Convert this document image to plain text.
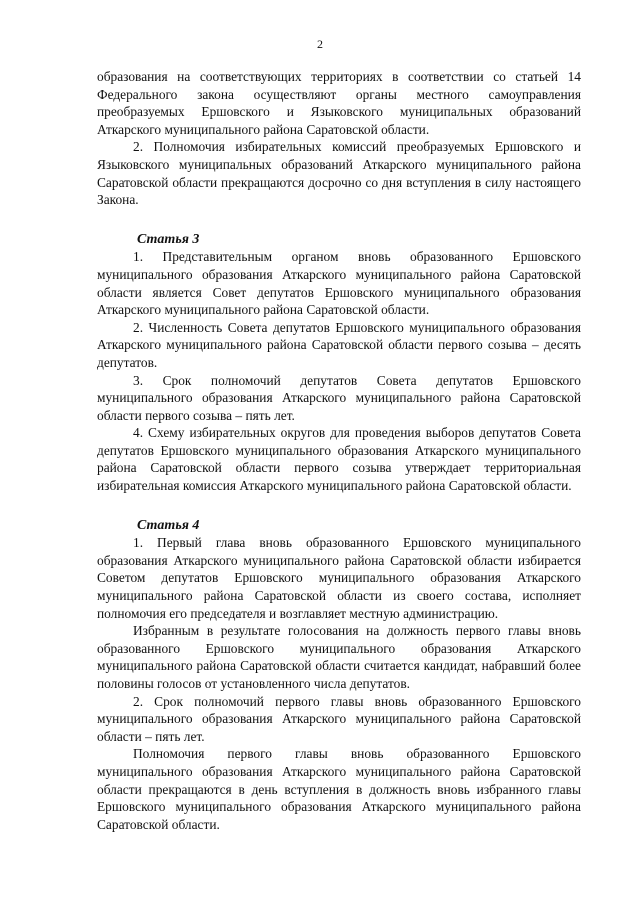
2

образования на соответствующих территориях в соответствии со статьей 14 Федерального закона осуществляют органы местного самоуправления преобразуемых Ершовского и Языковского муниципальных образований Аткарского муниципального района Саратовской области.

2. Полномочия избирательных комиссий преобразуемых Ершовского и Языковского муниципальных образований Аткарского муниципального района Саратовской области прекращаются досрочно со дня вступления в силу настоящего Закона.

Статья 3

1. Представительным органом вновь образованного Ершовского муниципального образования Аткарского муниципального района Саратовской области является Совет депутатов Ершовского муниципального образования Аткарского муниципального района Саратовской области.

2. Численность Совета депутатов Ершовского муниципального образования Аткарского муниципального района Саратовской области первого созыва – десять депутатов.

3. Срок полномочий депутатов Совета депутатов Ершовского муниципального образования Аткарского муниципального района Саратовской области первого созыва – пять лет.

4. Схему избирательных округов для проведения выборов депутатов Совета депутатов Ершовского муниципального образования Аткарского муниципального района Саратовской области первого созыва утверждает территориальная избирательная комиссия Аткарского муниципального района Саратовской области.

Статья 4

1. Первый глава вновь образованного Ершовского муниципального образования Аткарского муниципального района Саратовской области избирается Советом депутатов Ершовского муниципального образования Аткарского муниципального района Саратовской области из своего состава, исполняет полномочия его председателя и возглавляет местную администрацию.

Избранным в результате голосования на должность первого главы вновь образованного Ершовского муниципального образования Аткарского муниципального района Саратовской области считается кандидат, набравший более половины голосов от установленного числа депутатов.

2. Срок полномочий первого главы вновь образованного Ершовского муниципального образования Аткарского муниципального района Саратовской области – пять лет.

Полномочия первого главы вновь образованного Ершовского муниципального образования Аткарского муниципального района Саратовской области прекращаются в день вступления в должность вновь избранного главы Ершовского муниципального образования Аткарского муниципального района Саратовской области.
